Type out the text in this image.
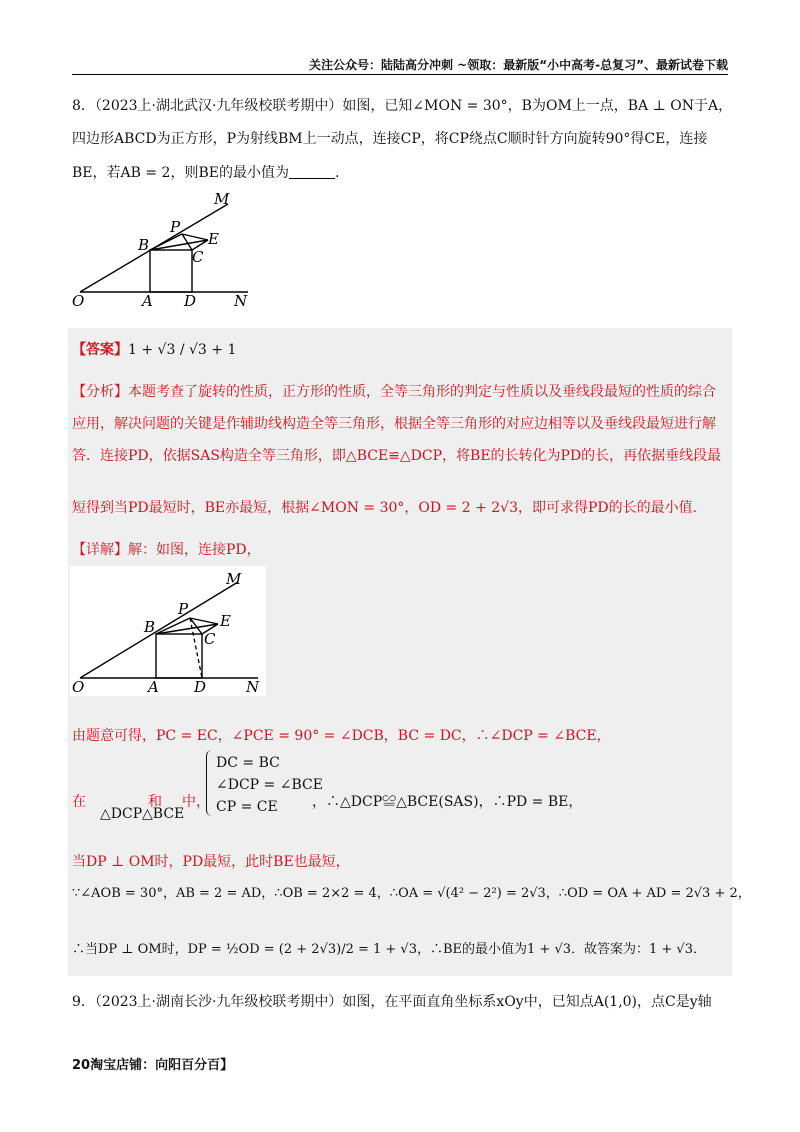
关注公众号：陆陆高分冲刺 ~领取：最新版“小中高考-总复习”、最新试卷下载
8．（2023上·湖北武汉·九年级校联考期中）如图，已知∠MON = 30°，B为OM上一点，BA ⊥ ON于A，
四边形ABCD为正方形，P为射线BM上一动点，连接CP，将CP绕点C顺时针方向旋转90°得CE，连接
BE，若AB = 2，则BE的最小值为	.
O	A D	N
B
C
P
E
M
【答案】1 + √3 / √3 + 1
【分析】本题考查了旋转的性质，正方形的性质，全等三角形的判定与性质以及垂线段最短的性质的综合
应用，解决问题的关键是作辅助线构造全等三角形，根据全等三角形的对应边相等以及垂线段最短进行解
答．连接PD，依据SAS构造全等三角形，即△BCE≌△DCP，将BE的长转化为PD的长，再依据垂线段最
短得到当PD最短时，BE亦最短，根据∠MON = 30°，OD = 2 + 2√3，即可求得PD的长的最小值．
【详解】解：如图，连接PD，
O	A D	N
B
C
P
E
M
由题意可得，PC = EC，∠PCE = 90° = ∠DCB，BC = DC，∴∠DCP = ∠BCE，
在
△DCP
和
△BCE
中，
DC = BC
∠DCP = ∠BCE
CP = CE	，∴△DCP≌△BCE(SAS)，∴PD = BE，
当DP ⊥ OM时，PD最短，此时BE也最短，
∵∠AOB = 30°，AB = 2 = AD，∴OB = 2×2 = 4，∴OA = √(4² − 2²) = 2√3，∴OD = OA + AD = 2√3 + 2，
∴当DP ⊥ OM时，DP = ½OD = (2 + 2√3)/2 = 1 + √3，∴BE的最小值为1 + √3．故答案为：1 + √3．
9．（2023上·湖南长沙·九年级校联考期中）如图，在平面直角坐标系xOy中，已知点A(1,0)，点C是y轴
20淘宝店铺：向阳百分百】
